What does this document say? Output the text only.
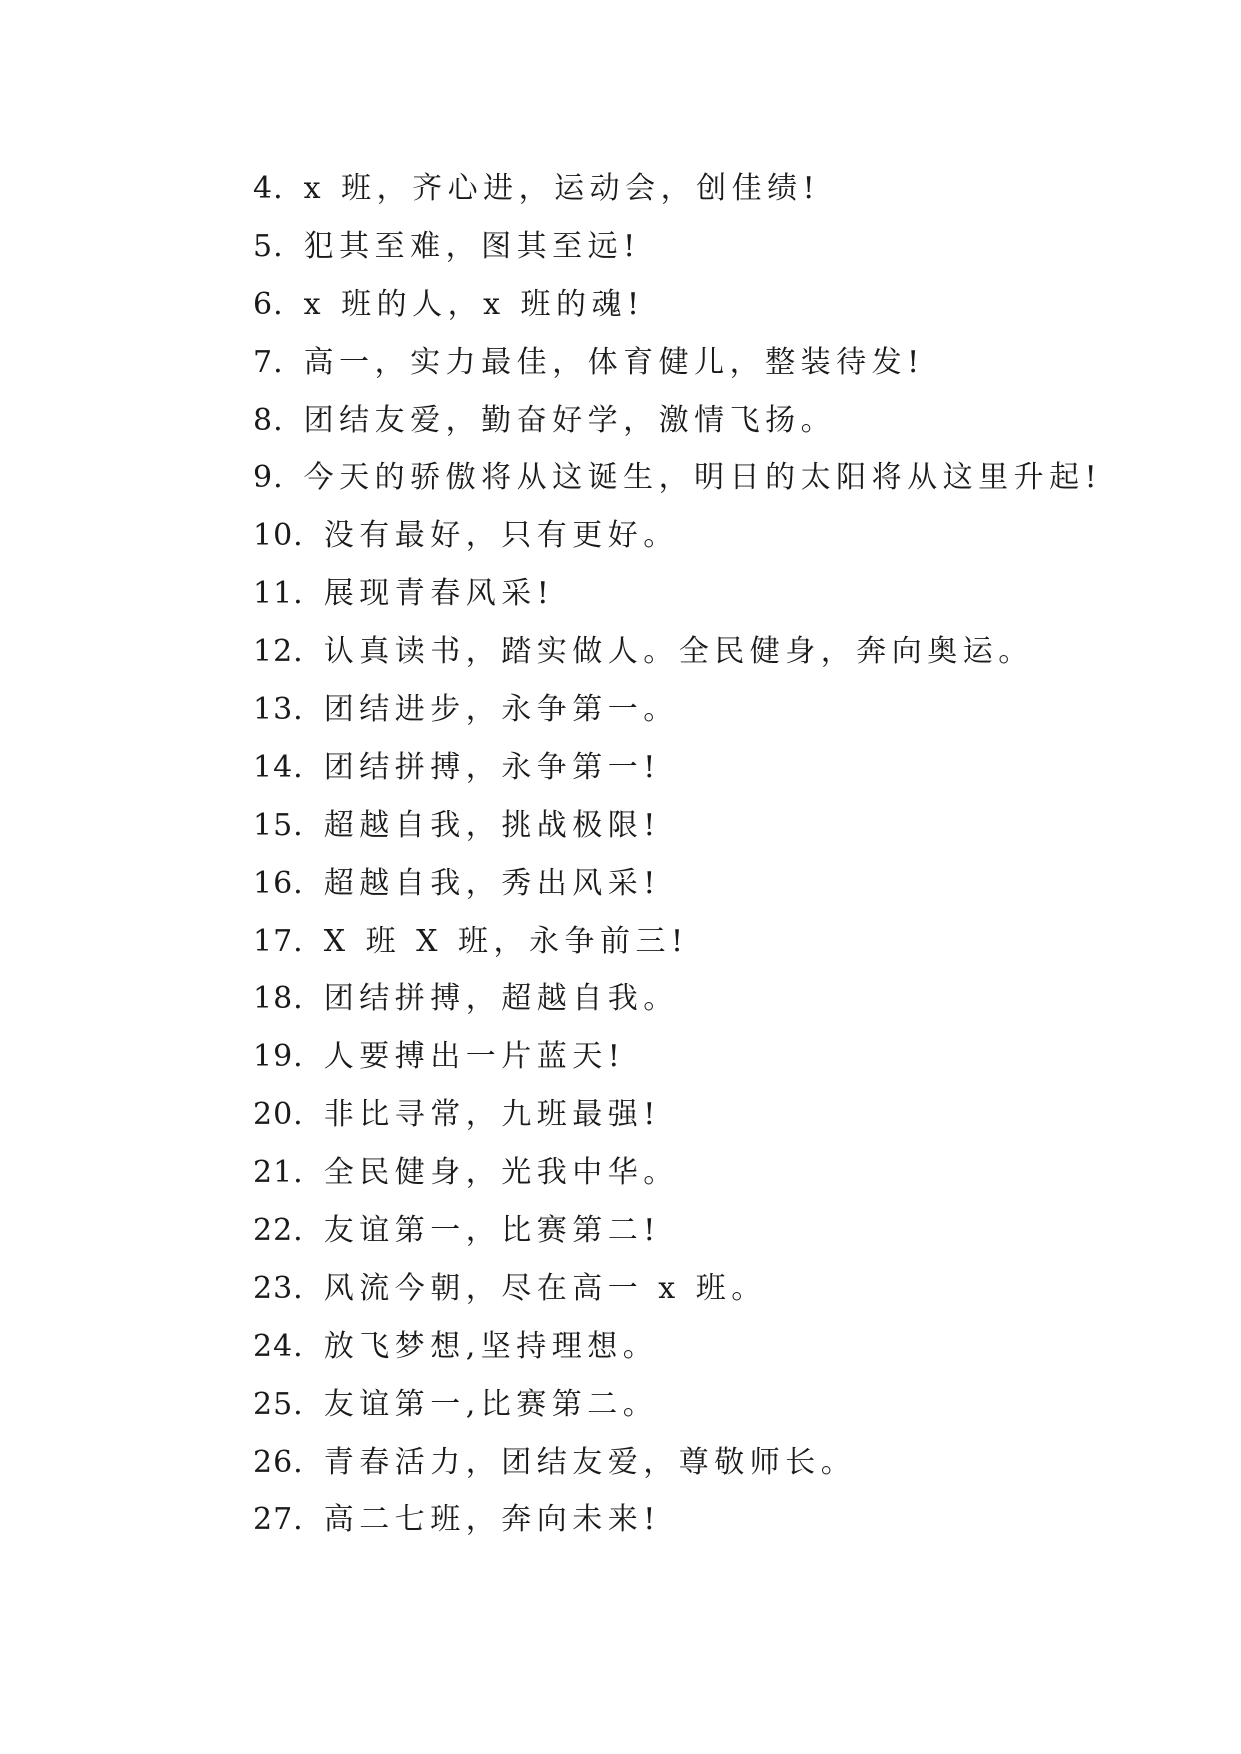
4. x 班，齐心进，运动会，创佳绩!
5. 犯其至难，图其至远!
6. x 班的人，x 班的魂!
7. 高一，实力最佳，体育健儿，整装待发!
8. 团结友爱，勤奋好学，激情飞扬。
9. 今天的骄傲将从这诞生，明日的太阳将从这里升起!
10. 没有最好，只有更好。
11. 展现青春风采!
12. 认真读书，踏实做人。全民健身，奔向奥运。
13. 团结进步，永争第一。
14. 团结拼搏，永争第一!
15. 超越自我，挑战极限!
16. 超越自我，秀出风采!
17. X 班 X 班，永争前三!
18. 团结拼搏，超越自我。
19. 人要搏出一片蓝天!
20. 非比寻常，九班最强!
21. 全民健身，光我中华。
22. 友谊第一，比赛第二!
23. 风流今朝，尽在高一 x 班。
24. 放飞梦想,坚持理想。
25. 友谊第一,比赛第二。
26. 青春活力，团结友爱，尊敬师长。
27. 高二七班，奔向未来!
